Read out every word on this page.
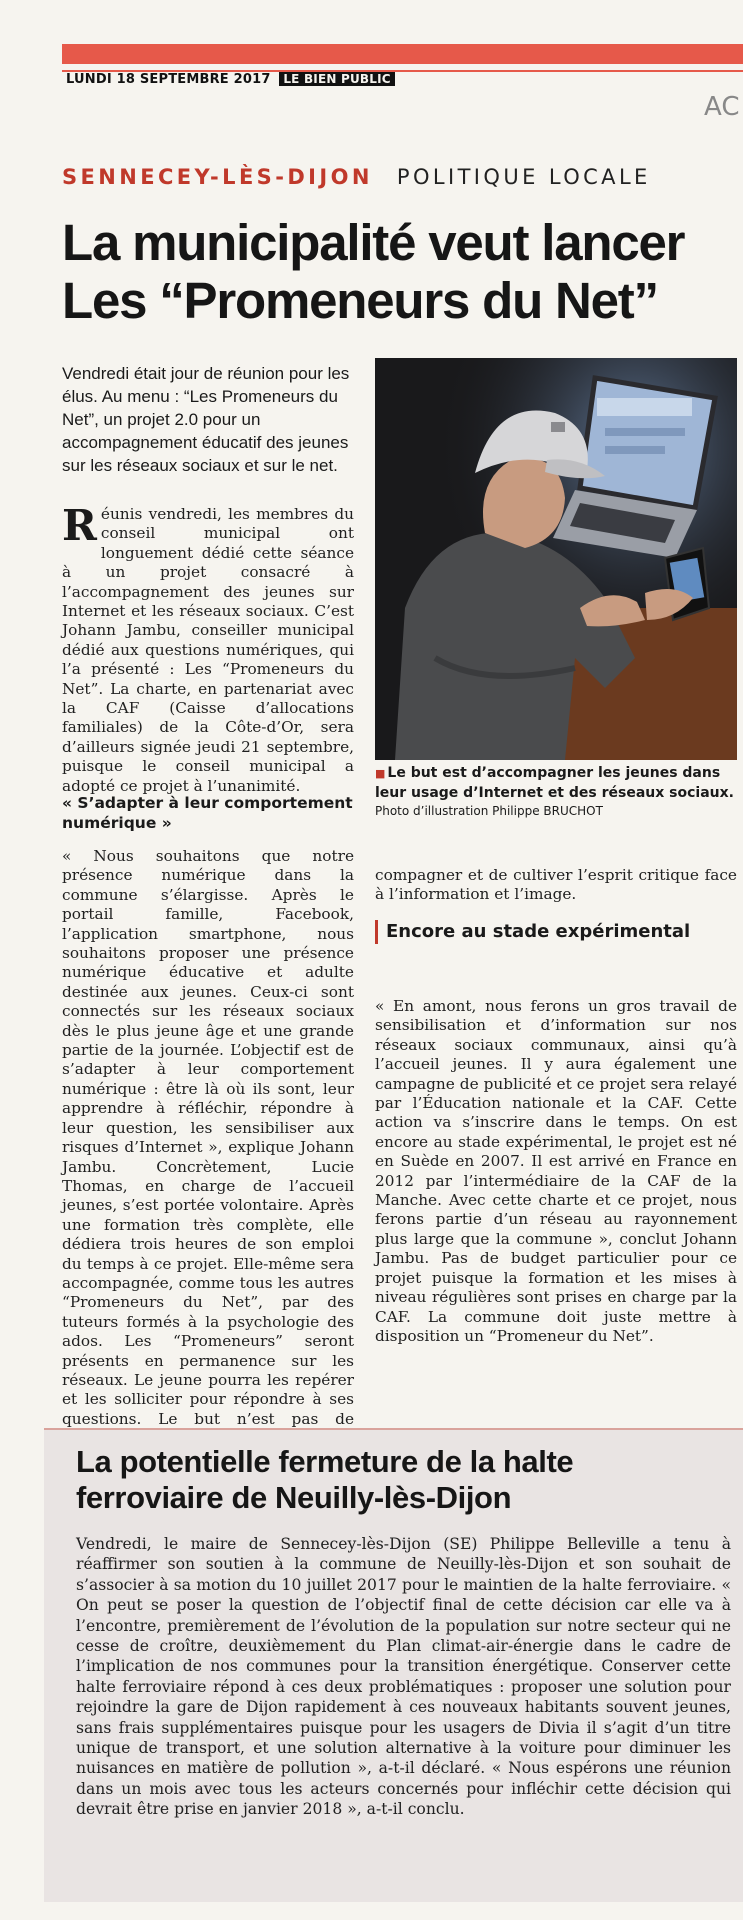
LUNDI 18 SEPTEMBRE 2017 LE BIEN PUBLIC
AC
SENNECEY-LÈS-DIJON POLITIQUE LOCALE
La municipalité veut lancer
Les “Promeneurs du Net”
Vendredi était jour de réunion pour les élus. Au menu : “Les Promeneurs du Net”, un projet 2.0 pour un accompagnement éducatif des jeunes sur les réseaux sociaux et sur le net.
■ Le but est d’accompagner les jeunes dans leur usage d’Internet et des réseaux sociaux. Photo d’illustration Philippe BRUCHOT
Réunis vendredi, les membres du conseil municipal ont longuement dédié cette séance à un projet consacré à l’accompagnement des jeunes sur Internet et les réseaux sociaux. C’est Johann Jambu, conseiller municipal dédié aux questions numériques, qui l’a présenté : Les “Promeneurs du Net”. La charte, en partenariat avec la CAF (Caisse d’allocations familiales) de la Côte-d’Or, sera d’ailleurs signée jeudi 21 septembre, puisque le conseil municipal a adopté ce projet à l’unanimité.
« S’adapter à leur comportement numérique »
« Nous souhaitons que notre présence numérique dans la commune s’élargisse. Après le portail famille, Facebook, l’application smartphone, nous souhaitons proposer une présence numérique éducative et adulte destinée aux jeunes. Ceux-ci sont connectés sur les réseaux sociaux dès le plus jeune âge et une grande partie de la journée. L’objectif est de s’adapter à leur comportement numérique : être là où ils sont, leur apprendre à réfléchir, répondre à leur question, les sensibiliser aux risques d’Internet », explique Johann Jambu. Concrètement, Lucie Thomas, en charge de l’accueil jeunes, s’est portée volontaire. Après une formation très complète, elle dédiera trois heures de son emploi du temps à ce projet. Elle-même sera accompagnée, comme tous les autres “Promeneurs du Net”, par des tuteurs formés à la psychologie des ados. Les “Promeneurs” seront présents en permanence sur les réseaux. Le jeune pourra les repérer et les solliciter pour répondre à ses questions. Le but n’est pas de
compagner et de cultiver l’esprit critique face à l’information et l’image.
Encore au stade expérimental
« En amont, nous ferons un gros travail de sensibilisation et d’information sur nos réseaux sociaux communaux, ainsi qu’à l’accueil jeunes. Il y aura également une campagne de publicité et ce projet sera relayé par l’Éducation nationale et la CAF. Cette action va s’inscrire dans le temps. On est encore au stade expérimental, le projet est né en Suède en 2007. Il est arrivé en France en 2012 par l’intermédiaire de la CAF de la Manche. Avec cette charte et ce projet, nous ferons partie d’un réseau au rayonnement plus large que la commune », conclut Johann Jambu. Pas de budget particulier pour ce projet puisque la formation et les mises à niveau régulières sont prises en charge par la CAF. La commune doit juste mettre à disposition un “Promeneur du Net”.
La potentielle fermeture de la halte ferroviaire de Neuilly-lès-Dijon
Vendredi, le maire de Sennecey-lès-Dijon (SE) Philippe Belleville a tenu à réaffirmer son soutien à la commune de Neuilly-lès-Dijon et son souhait de s’associer à sa motion du 10 juillet 2017 pour le maintien de la halte ferroviaire. « On peut se poser la question de l’objectif final de cette décision car elle va à l’encontre, premièrement de l’évolution de la population sur notre secteur qui ne cesse de croître, deuxièmement du Plan climat-air-énergie dans le cadre de l’implication de nos communes pour la transition énergétique. Conserver cette halte ferroviaire répond à ces deux problématiques : proposer une solution pour rejoindre la gare de Dijon rapidement à ces nouveaux habitants souvent jeunes, sans frais supplémentaires puisque pour les usagers de Divia il s’agit d’un titre unique de transport, et une solution alternative à la voiture pour diminuer les nuisances en matière de pollution », a-t-il déclaré. « Nous espérons une réunion dans un mois avec tous les acteurs concernés pour infléchir cette décision qui devrait être prise en janvier 2018 », a-t-il conclu.
